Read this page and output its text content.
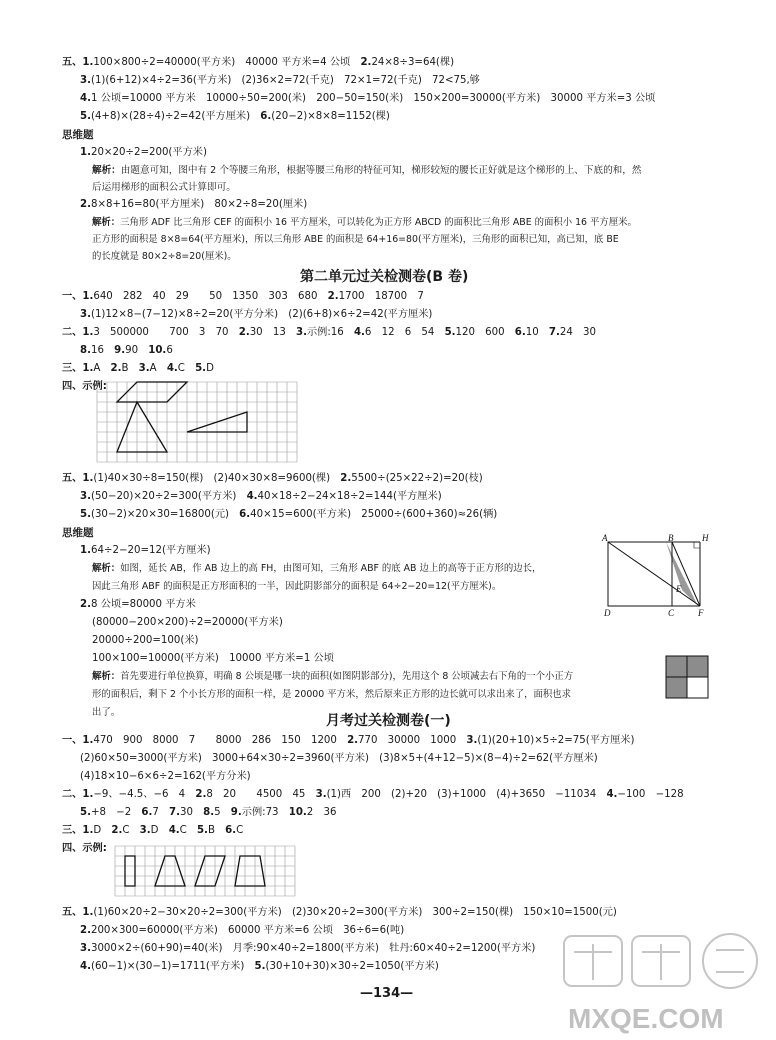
五、1.100×800÷2=40000(平方米)　40000 平方米=4 公顷　2.24×8÷3=64(棵)
3.(1)(6+12)×4÷2=36(平方米)　(2)36×2=72(千克)　72×1=72(千克)　72<75,够
4.1 公顷=10000 平方米　10000÷50=200(米)　200−50=150(米)　150×200=30000(平方米)　30000 平方米=3 公顷
5.(4+8)×(28÷4)÷2=42(平方厘米)　6.(20−2)×8×8=1152(棵)
思维题
1.20×20÷2=200(平方米)
解析：由题意可知，图中有 2 个等腰三角形，根据等腰三角形的特征可知，梯形较短的腰长正好就是这个梯形的上、下底的和，然
后运用梯形的面积公式计算即可。
2.8×8+16=80(平方厘米)　80×2÷8=20(厘米)
解析：三角形 ADF 比三角形 CEF 的面积小 16 平方厘米，可以转化为正方形 ABCD 的面积比三角形 ABE 的面积小 16 平方厘米。
正方形的面积是 8×8=64(平方厘米)，所以三角形 ABE 的面积是 64+16=80(平方厘米)，三角形的面积已知，高已知，底 BE
的长度就是 80×2÷8=20(厘米)。
第二单元过关检测卷(B 卷)
一、1.640　282　40　29　　50　1350　303　680　2.1700　18700　7
3.(1)12×8−(7−12)×8÷2=20(平方分米)　(2)(6+8)×6÷2=42(平方厘米)
二、1.3　500000　　700　3　70　2.30　13　3.示例:16　4.6　12　6　54　5.120　600　6.10　7.24　30
8.16　9.90　10.6
三、1.A　2.B　3.A　4.C　5.D
四、示例:
五、1.(1)40×30÷8=150(棵)　(2)40×30×8=9600(棵)　2.5500÷(25×22÷2)=20(枝)
3.(50−20)×20÷2=300(平方米)　4.40×18÷2−24×18÷2=144(平方厘米)
5.(30−2)×20×30=16800(元)　6.40×15=600(平方米)　25000÷(600+360)≈26(辆)
思维题
1.64÷2−20=12(平方厘米)
解析：如图，延长 AB，作 AB 边上的高 FH，由图可知，三角形 ABF 的底 AB 边上的高等于正方形的边长，
因此三角形 ABF 的面积是正方形面积的一半，因此阴影部分的面积是 64÷2−20=12(平方厘米)。
2.8 公顷=80000 平方米
(80000−200×200)÷2=20000(平方米)
20000÷200=100(米)
100×100=10000(平方米)　10000 平方米=1 公顷
解析：首先要进行单位换算，明确 8 公顷是哪一块的面积(如图阴影部分)，先用这个 8 公顷减去右下角的一个小正方
形的面积后，剩下 2 个小长方形的面积一样，是 20000 平方米，然后原来正方形的边长就可以求出来了，面积也求
出了。
A	B	H
E
D	C	F
月考过关检测卷(一)
一、1.470　900　8000　7　　8000　286　150　1200　2.770　30000　1000　3.(1)(20+10)×5÷2=75(平方厘米)
(2)60×50=3000(平方米)　3000+64×30÷2=3960(平方米)　(3)8×5+(4+12−5)×(8−4)÷2=62(平方厘米)
(4)18×10−6×6÷2=162(平方分米)
二、1.−9、−4.5、−6　4　2.8　20　　4500　45　3.(1)西　200　(2)+20　(3)+1000　(4)+3650　−11034　4.−100　−128
5.+8　−2　6.7　7.30　8.5　9.示例:73　10.2　36
三、1.D　2.C　3.D　4.C　5.B　6.C
四、示例:
五、1.(1)60×20÷2−30×20÷2=300(平方米)　(2)30×20÷2=300(平方米)　300÷2=150(棵)　150×10=1500(元)
2.200×300=60000(平方米)　60000 平方米=6 公顷　36÷6=6(吨)
3.3000×2÷(60+90)=40(米)　月季:90×40÷2=1800(平方米)　牡丹:60×40÷2=1200(平方米)
4.(60−1)×(30−1)=1711(平方米)　5.(30+10+30)×30÷2=1050(平方米)
—134—
MXQE.COM
